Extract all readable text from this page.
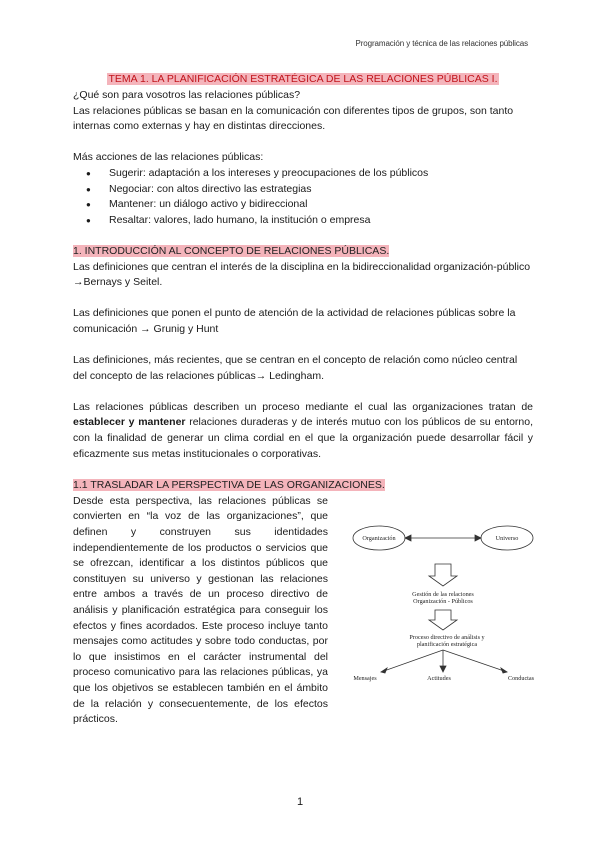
Programación y técnica de las relaciones públicas

TEMA 1. LA PLANIFICACIÓN ESTRATÉGICA DE LAS RELACIONES PÚBLICAS I.

¿Qué son para vosotros las relaciones públicas?

Las relaciones públicas se basan en la comunicación con diferentes tipos de grupos, son tanto internas como externas y hay en distintas direcciones.

Más acciones de las relaciones públicas:

● Sugerir: adaptación a los intereses y preocupaciones de los públicos
● Negociar: con altos directivo las estrategias
● Mantener: un diálogo activo y bidireccional
● Resaltar: valores, lado humano, la institución o empresa

1. INTRODUCCIÓN AL CONCEPTO DE RELACIONES PÚBLICAS.

Las definiciones que centran el interés de la disciplina en la bidireccionalidad organización-público →Bernays y Seitel.

Las definiciones que ponen el punto de atención de la actividad de relaciones públicas sobre la comunicación → Grunig y Hunt

Las definiciones, más recientes, que se centran en el concepto de relación como núcleo central del concepto de las relaciones públicas→ Ledingham.

Las relaciones públicas describen un proceso mediante el cual las organizaciones tratan de establecer y mantener relaciones duraderas y de interés mutuo con los públicos de su entorno, con la finalidad de generar un clima cordial en el que la organización puede desarrollar fácil y eficazmente sus metas institucionales o corporativas.

1.1 TRASLADAR LA PERSPECTIVA DE LAS ORGANIZACIONES.

Desde esta perspectiva, las relaciones públicas se convierten en “la voz de las organizaciones”, que definen y construyen sus identidades independientemente de los productos o servicios que se ofrezcan, identificar a los distintos públicos que constituyen su universo y gestionan las relaciones entre ambos a través de un proceso directivo de análisis y planificación estratégica para conseguir los efectos y fines acordados. Este proceso incluye tanto mensajes como actitudes y sobre todo conductas, por lo que insistimos en el carácter instrumental del proceso comunicativo para las relaciones públicas, ya que los objetivos se establecen también en el ámbito de la relación y consecuentemente, de los efectos prácticos.

Organización	Universo
Gestión de las relaciones
Organización - Públicos
Proceso directivo de análisis y
planificación estratégica
Mensajes	Actitudes	Conductas
1
